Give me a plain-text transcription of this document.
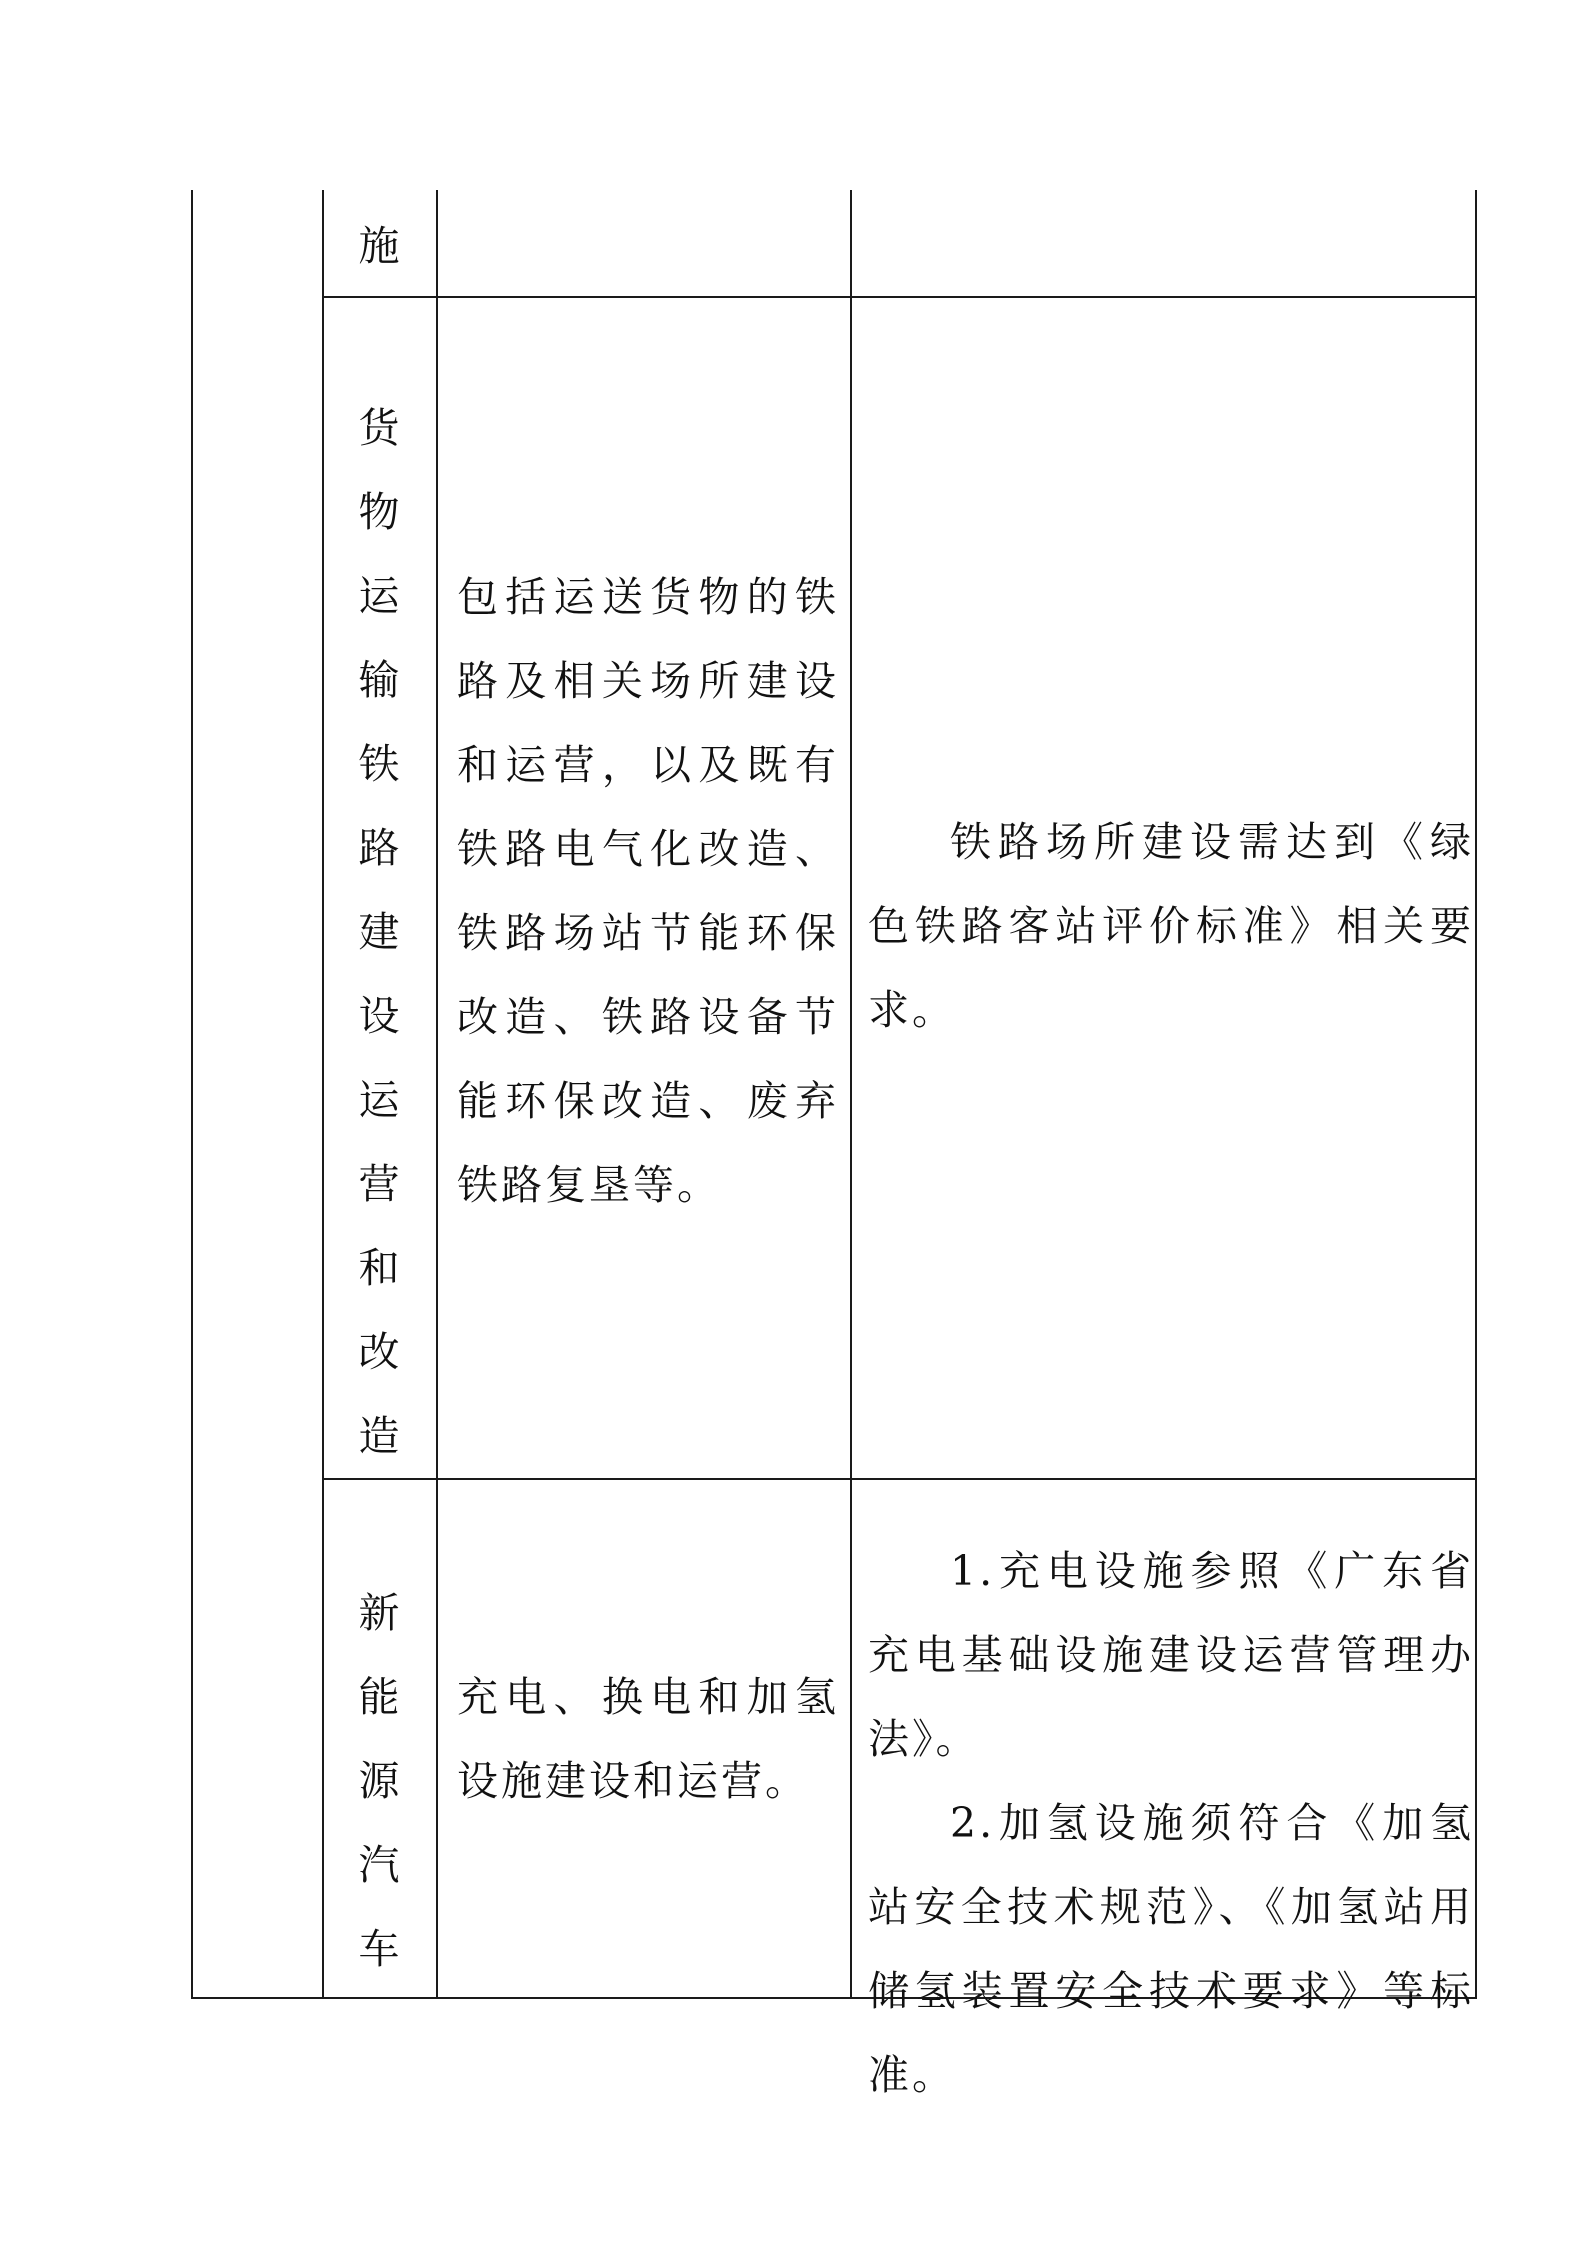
施
货
物
运
输
铁
路
建
设
运
营
和
改
造
包括运送货物的铁路及相关场所建设和运营，以及既有铁路电气化改造、铁路场站节能环保改造、铁路设备节能环保改造、废弃铁路复垦等。

铁路场所建设需达到《绿色铁路客站评价标准》相关要求。

新
能
源
汽
车
充电、换电和加氢设施建设和运营。

1.充电设施参照《广东省充电基础设施建设运营管理办法》。

2.加氢设施须符合《加氢站安全技术规范》、《加氢站用储氢装置安全技术要求》等标准。
